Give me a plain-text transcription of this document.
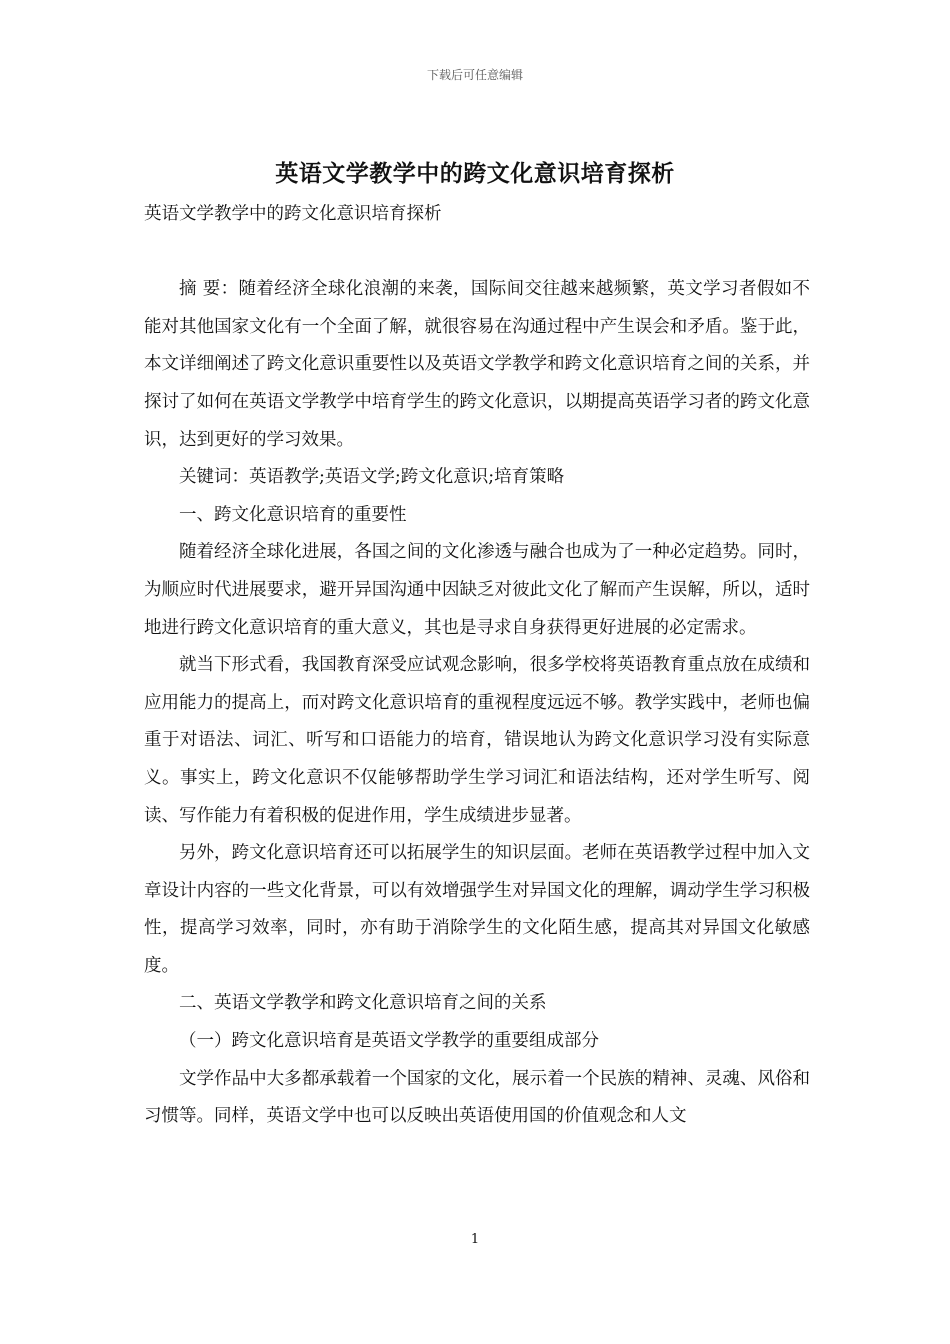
下载后可任意编辑
英语文学教学中的跨文化意识培育探析

英语文学教学中的跨文化意识培育探析

摘 要：随着经济全球化浪潮的来袭，国际间交往越来越频繁，英文学习者假如不能对其他国家文化有一个全面了解，就很容易在沟通过程中产生误会和矛盾。鉴于此，本文详细阐述了跨文化意识重要性以及英语文学教学和跨文化意识培育之间的关系，并探讨了如何在英语文学教学中培育学生的跨文化意识，以期提高英语学习者的跨文化意识，达到更好的学习效果。

关键词：英语教学;英语文学;跨文化意识;培育策略

一、跨文化意识培育的重要性

随着经济全球化进展，各国之间的文化渗透与融合也成为了一种必定趋势。同时，为顺应时代进展要求，避开异国沟通中因缺乏对彼此文化了解而产生误解，所以，适时地进行跨文化意识培育的重大意义，其也是寻求自身获得更好进展的必定需求。

就当下形式看，我国教育深受应试观念影响，很多学校将英语教育重点放在成绩和应用能力的提高上，而对跨文化意识培育的重视程度远远不够。教学实践中，老师也偏重于对语法、词汇、听写和口语能力的培育，错误地认为跨文化意识学习没有实际意义。事实上，跨文化意识不仅能够帮助学生学习词汇和语法结构，还对学生听写、阅读、写作能力有着积极的促进作用，学生成绩进步显著。

另外，跨文化意识培育还可以拓展学生的知识层面。老师在英语教学过程中加入文章设计内容的一些文化背景，可以有效增强学生对异国文化的理解，调动学生学习积极性，提高学习效率，同时，亦有助于消除学生的文化陌生感，提高其对异国文化敏感度。

二、英语文学教学和跨文化意识培育之间的关系

（一）跨文化意识培育是英语文学教学的重要组成部分

文学作品中大多都承载着一个国家的文化，展示着一个民族的精神、灵魂、风俗和习惯等。同样，英语文学中也可以反映出英语使用国的价值观念和人文

1
